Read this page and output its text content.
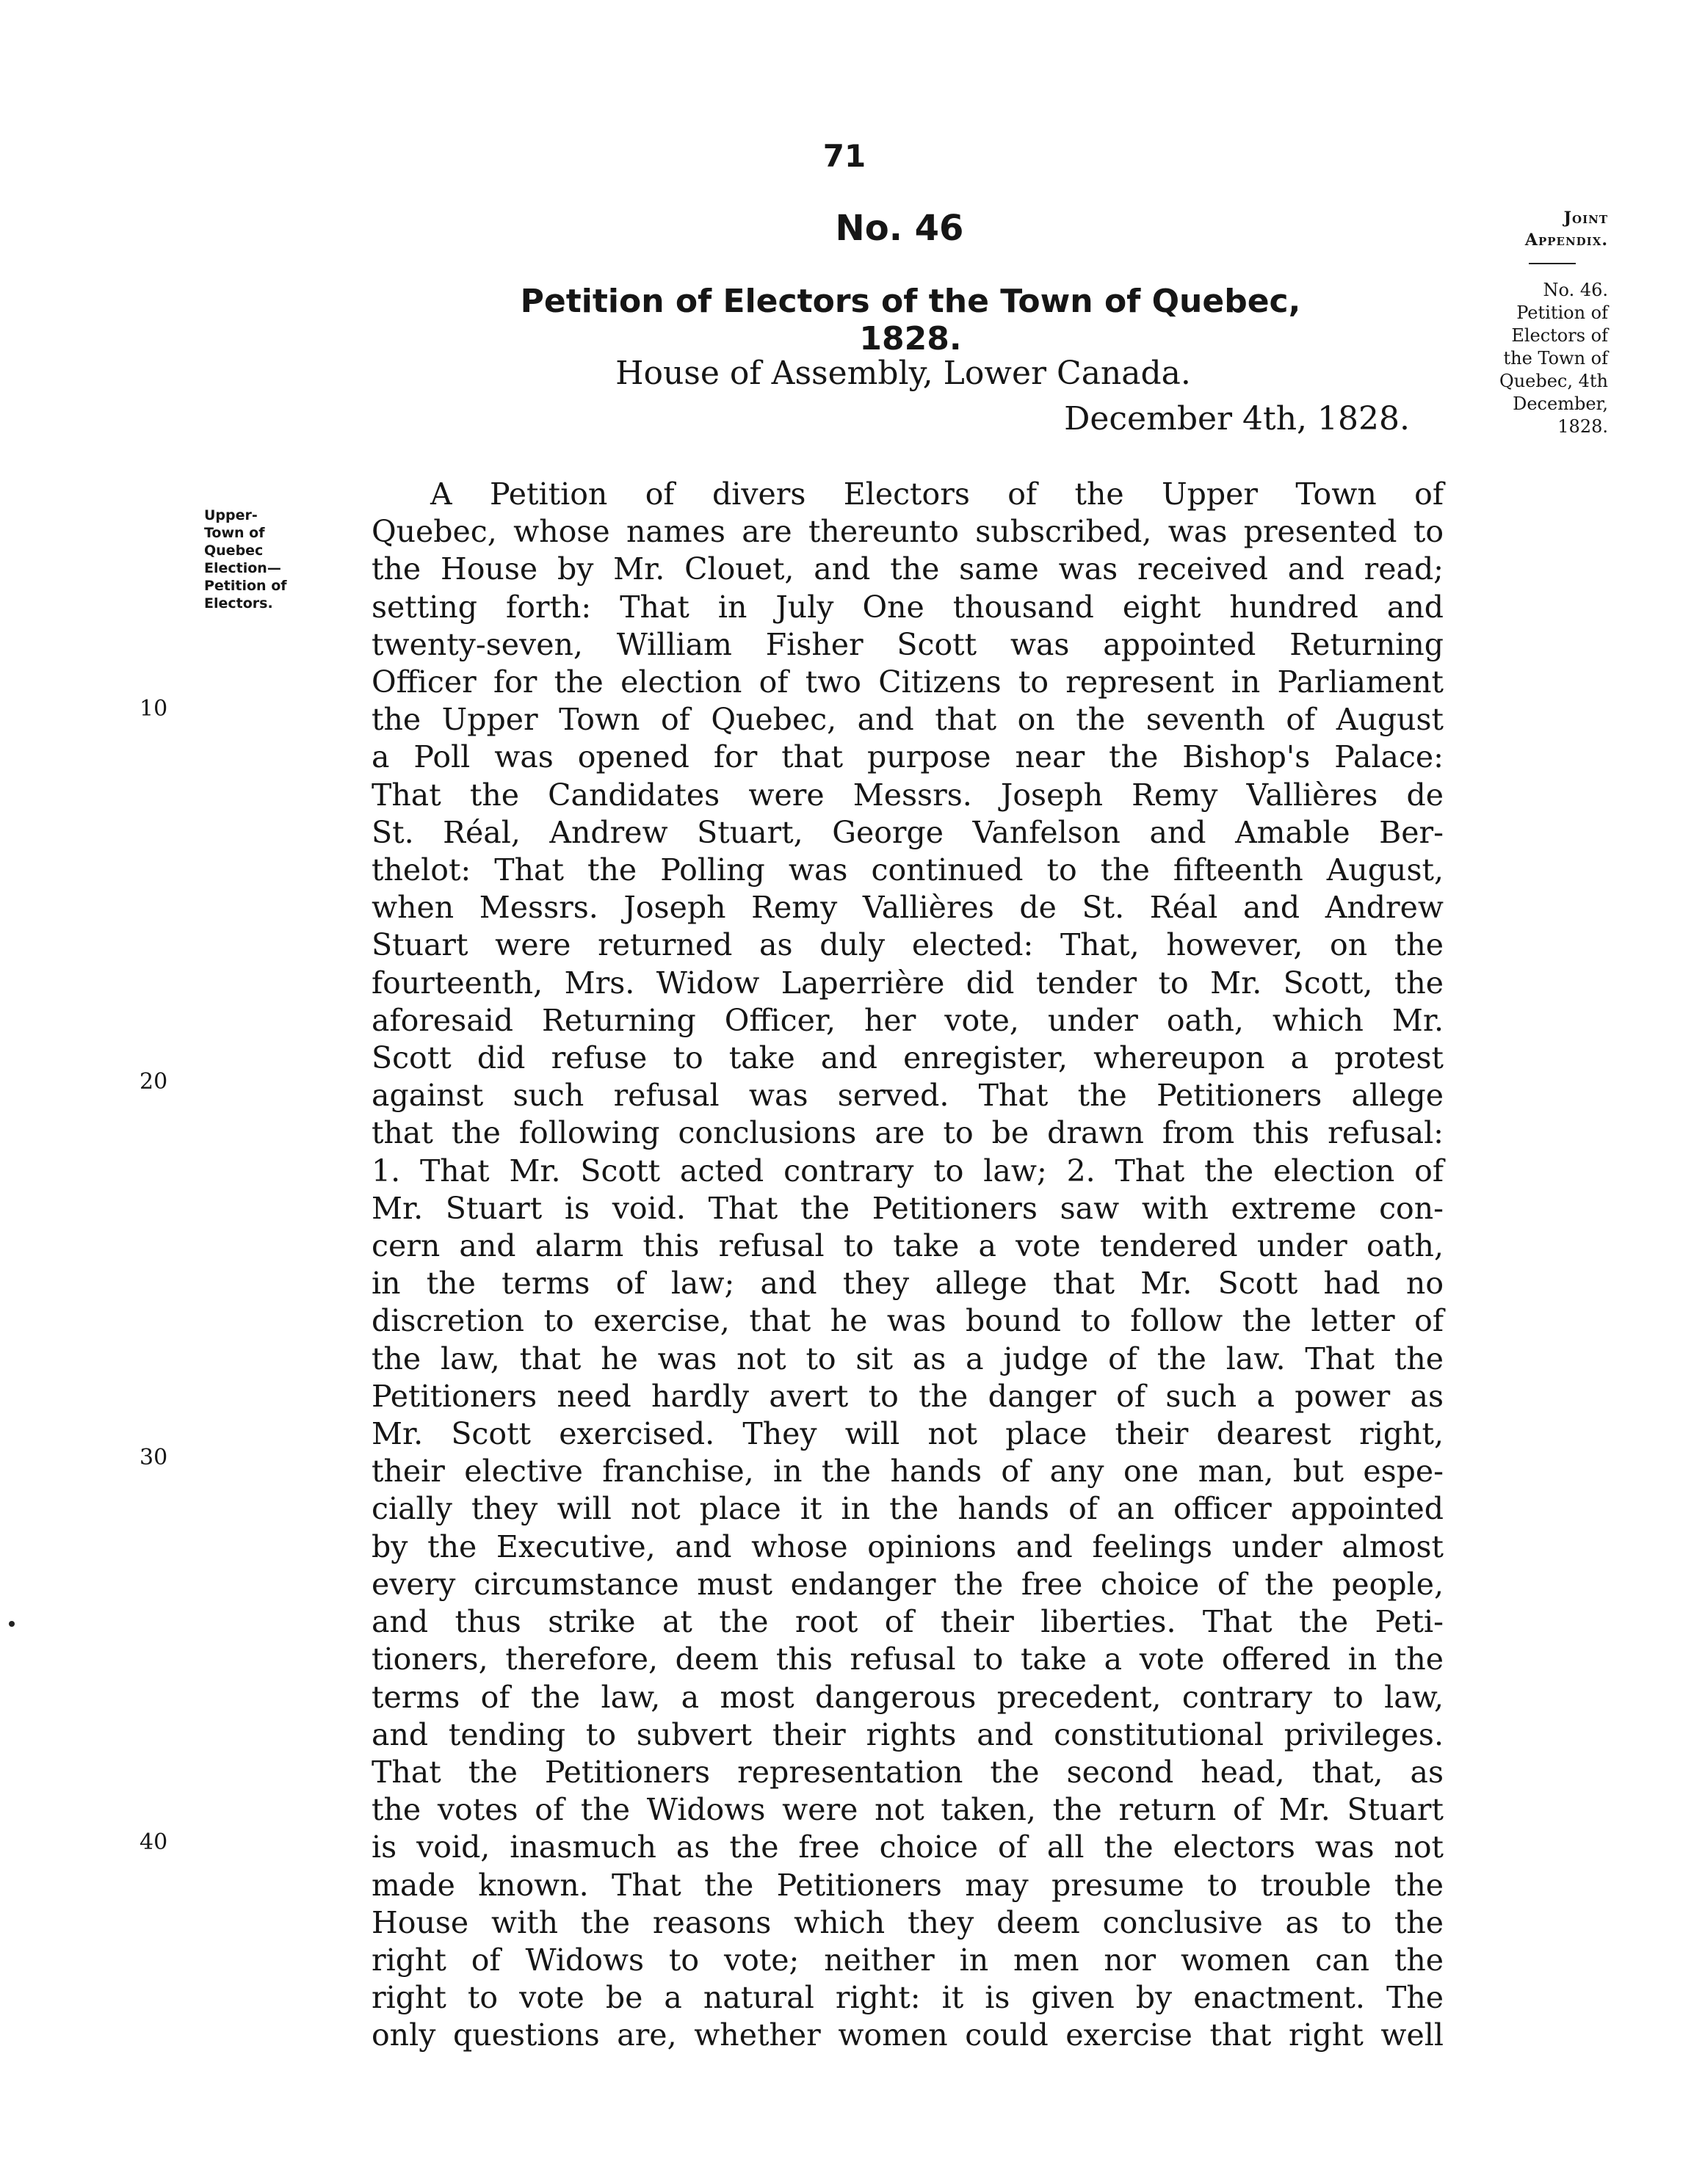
71
No. 46
Petition of Electors of the Town of Quebec, 1828.
House of Assembly, Lower Canada.
December 4th, 1828.
Joint
Appendix.
No. 46.
Petition of
Electors of
the Town of
Quebec, 4th
December,
1828.
Upper-
Town of
Quebec
Election—
Petition of
Electors.
10
20
30
40
A Petition of divers Electors of the Upper Town of
Quebec, whose names are thereunto subscribed, was presented to
the House by Mr. Clouet, and the same was received and read;
setting forth: That in July One thousand eight hundred and
twenty-seven, William Fisher Scott was appointed Returning
Officer for the election of two Citizens to represent in Parliament
the Upper Town of Quebec, and that on the seventh of August
a Poll was opened for that purpose near the Bishop's Palace:
That the Candidates were Messrs. Joseph Remy Vallières de
St. Réal, Andrew Stuart, George Vanfelson and Amable Ber-
thelot: That the Polling was continued to the fifteenth August,
when Messrs. Joseph Remy Vallières de St. Réal and Andrew
Stuart were returned as duly elected: That, however, on the
fourteenth, Mrs. Widow Laperrière did tender to Mr. Scott, the
aforesaid Returning Officer, her vote, under oath, which Mr.
Scott did refuse to take and enregister, whereupon a protest
against such refusal was served. That the Petitioners allege
that the following conclusions are to be drawn from this refusal:
1. That Mr. Scott acted contrary to law; 2. That the election of
Mr. Stuart is void. That the Petitioners saw with extreme con-
cern and alarm this refusal to take a vote tendered under oath,
in the terms of law; and they allege that Mr. Scott had no
discretion to exercise, that he was bound to follow the letter of
the law, that he was not to sit as a judge of the law. That the
Petitioners need hardly avert to the danger of such a power as
Mr. Scott exercised. They will not place their dearest right,
their elective franchise, in the hands of any one man, but espe-
cially they will not place it in the hands of an officer appointed
by the Executive, and whose opinions and feelings under almost
every circumstance must endanger the free choice of the people,
and thus strike at the root of their liberties. That the Peti-
tioners, therefore, deem this refusal to take a vote offered in the
terms of the law, a most dangerous precedent, contrary to law,
and tending to subvert their rights and constitutional privileges.
That the Petitioners representation the second head, that, as
the votes of the Widows were not taken, the return of Mr. Stuart
is void, inasmuch as the free choice of all the electors was not
made known. That the Petitioners may presume to trouble the
House with the reasons which they deem conclusive as to the
right of Widows to vote; neither in men nor women can the
right to vote be a natural right: it is given by enactment. The
only questions are, whether women could exercise that right well
